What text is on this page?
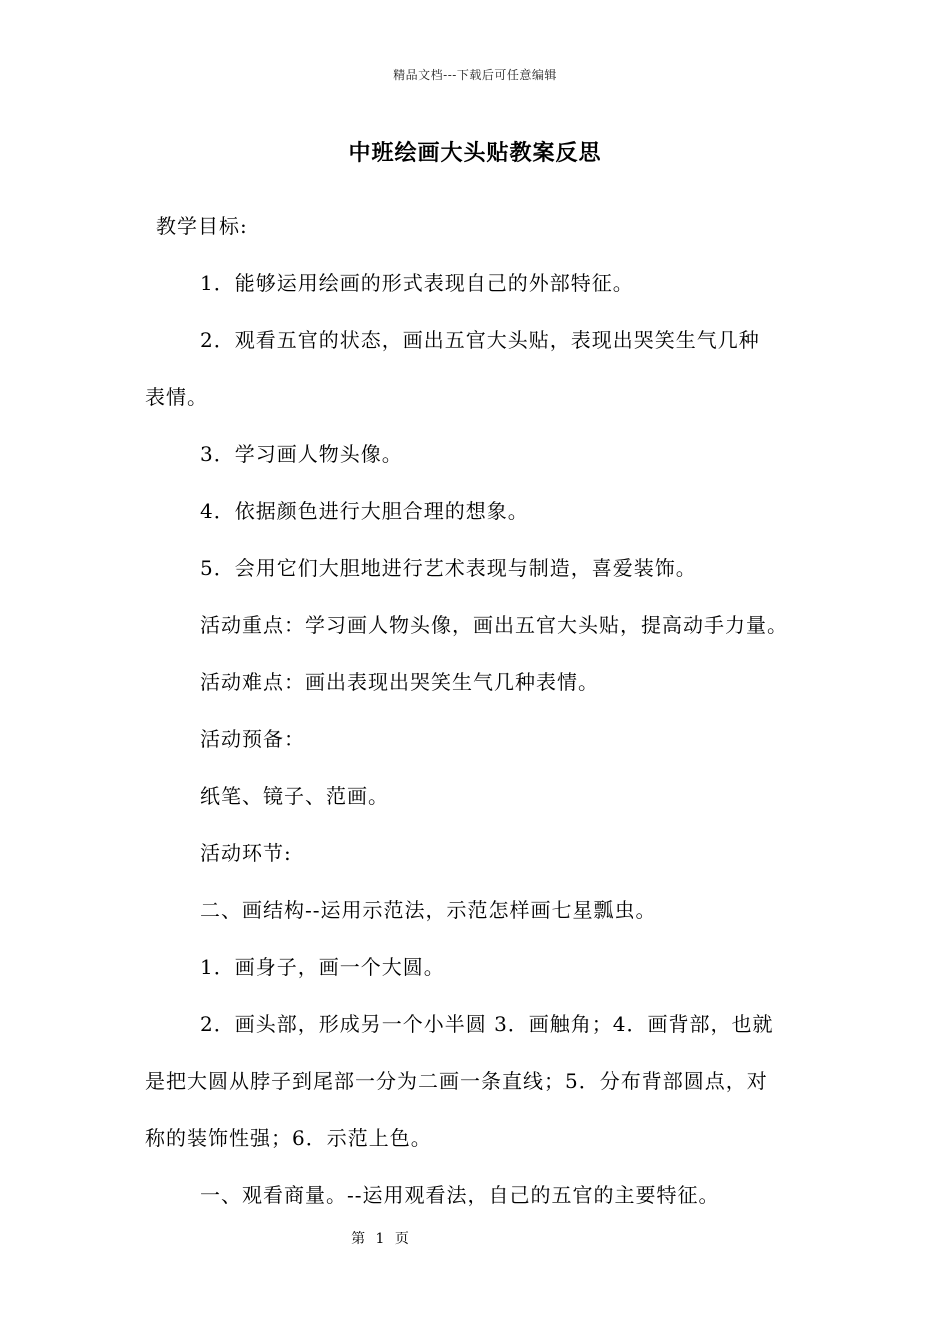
精品文档---下载后可任意编辑
中班绘画大头贴教案反思
教学目标:
1．能够运用绘画的形式表现自己的外部特征。
2．观看五官的状态，画出五官大头贴，表现出哭笑生气几种
表情。
3．学习画人物头像。
4．依据颜色进行大胆合理的想象。
5．会用它们大胆地进行艺术表现与制造，喜爱装饰。
活动重点：学习画人物头像，画出五官大头贴，提高动手力量。
活动难点：画出表现出哭笑生气几种表情。
活动预备：
纸笔、镜子、范画。
活动环节:
二、画结构--运用示范法，示范怎样画七星瓢虫。
1．画身子，画一个大圆。
2．画头部，形成另一个小半圆 3．画触角；4．画背部，也就
是把大圆从脖子到尾部一分为二画一条直线；5．分布背部圆点，对
称的装饰性强；6．示范上色。
一、观看商量。--运用观看法，自己的五官的主要特征。
第 1 页
